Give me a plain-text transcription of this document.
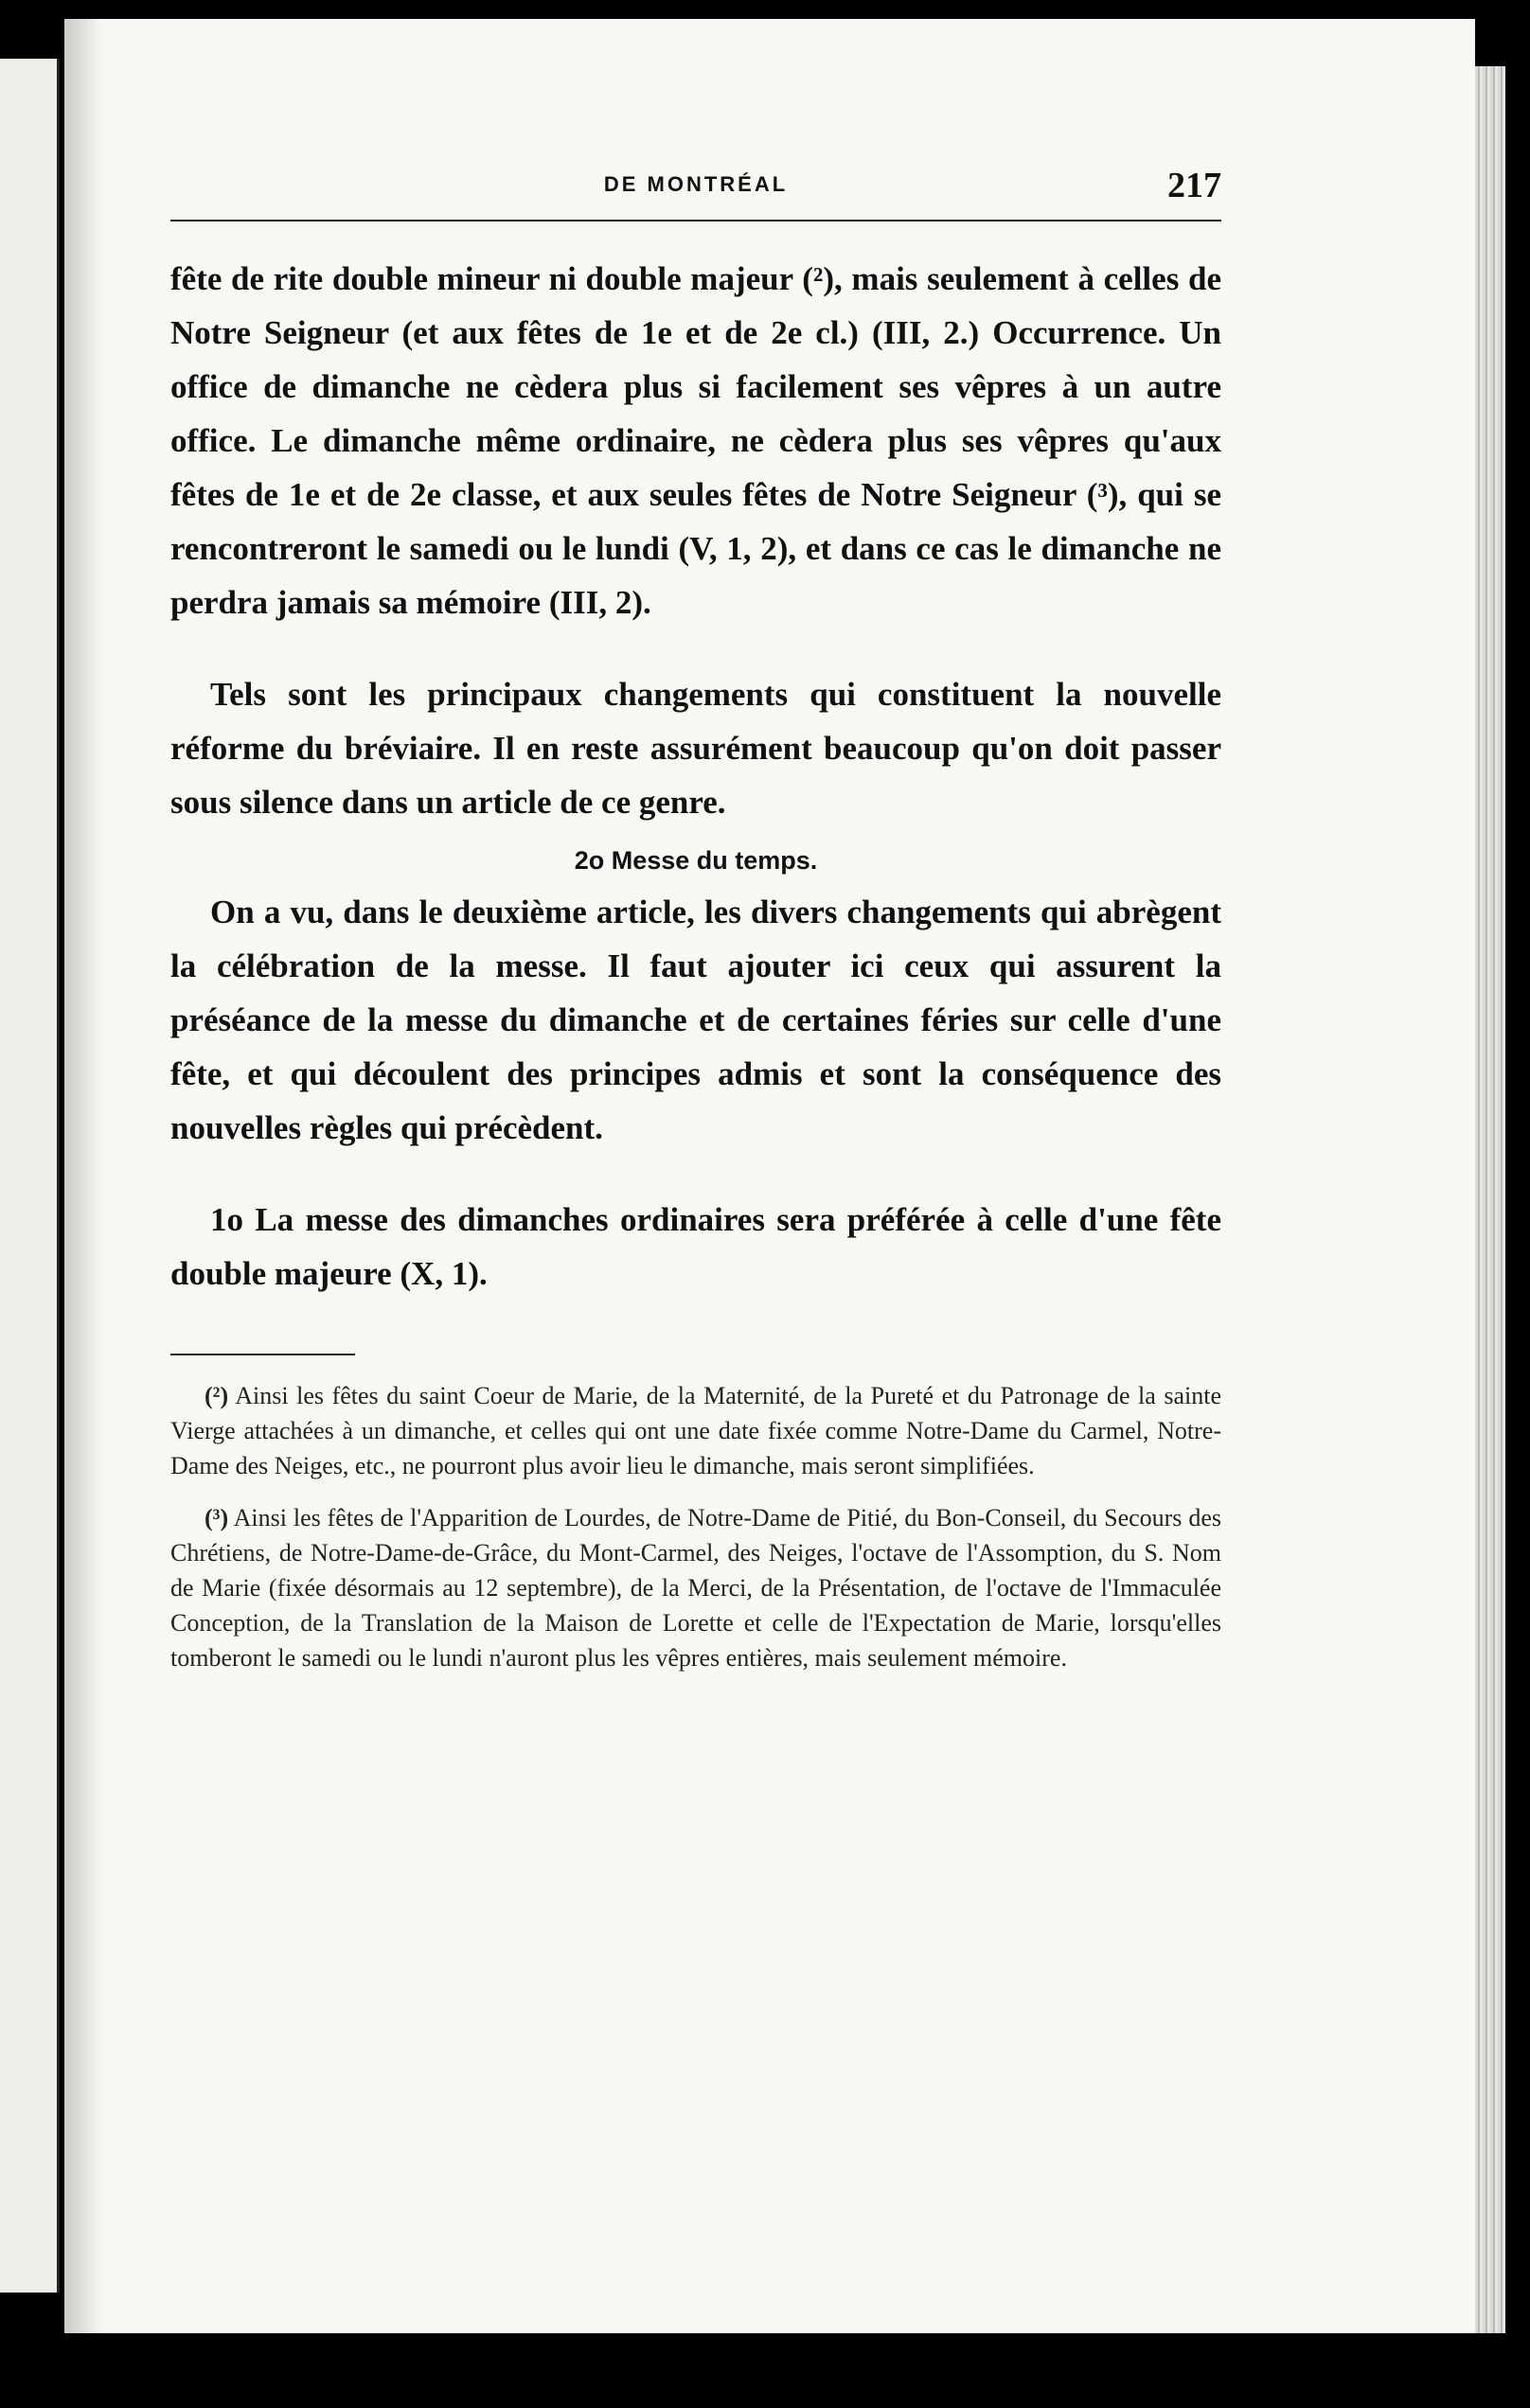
DE MONTRÉAL	217

fête de rite double mineur ni double majeur (²), mais seulement à celles de Notre Seigneur (et aux fêtes de 1e et de 2e cl.) (III, 2.) Occurrence. Un office de dimanche ne cèdera plus si facilement ses vêpres à un autre office. Le dimanche même ordinaire, ne cèdera plus ses vêpres qu'aux fêtes de 1e et de 2e classe, et aux seules fêtes de Notre Seigneur (³), qui se rencontreront le samedi ou le lundi (V, 1, 2), et dans ce cas le dimanche ne perdra jamais sa mémoire (III, 2).

Tels sont les principaux changements qui constituent la nouvelle réforme du bréviaire. Il en reste assurément beaucoup qu'on doit passer sous silence dans un article de ce genre.

2o Messe du temps.

On a vu, dans le deuxième article, les divers changements qui abrègent la célébration de la messe. Il faut ajouter ici ceux qui assurent la préséance de la messe du dimanche et de certaines féries sur celle d'une fête, et qui découlent des principes admis et sont la conséquence des nouvelles règles qui précèdent.

1o La messe des dimanches ordinaires sera préférée à celle d'une fête double majeure (X, 1).

(²) Ainsi les fêtes du saint Coeur de Marie, de la Maternité, de la Pureté et du Patronage de la sainte Vierge attachées à un dimanche, et celles qui ont une date fixée comme Notre-Dame du Carmel, Notre-Dame des Neiges, etc., ne pourront plus avoir lieu le dimanche, mais seront simplifiées.

(³) Ainsi les fêtes de l'Apparition de Lourdes, de Notre-Dame de Pitié, du Bon-Conseil, du Secours des Chrétiens, de Notre-Dame-de-Grâce, du Mont-Carmel, des Neiges, l'octave de l'Assomption, du S. Nom de Marie (fixée désormais au 12 septembre), de la Merci, de la Présentation, de l'octave de l'Immaculée Conception, de la Translation de la Maison de Lorette et celle de l'Expectation de Marie, lorsqu'elles tomberont le samedi ou le lundi n'auront plus les vêpres entières, mais seulement mémoire.
